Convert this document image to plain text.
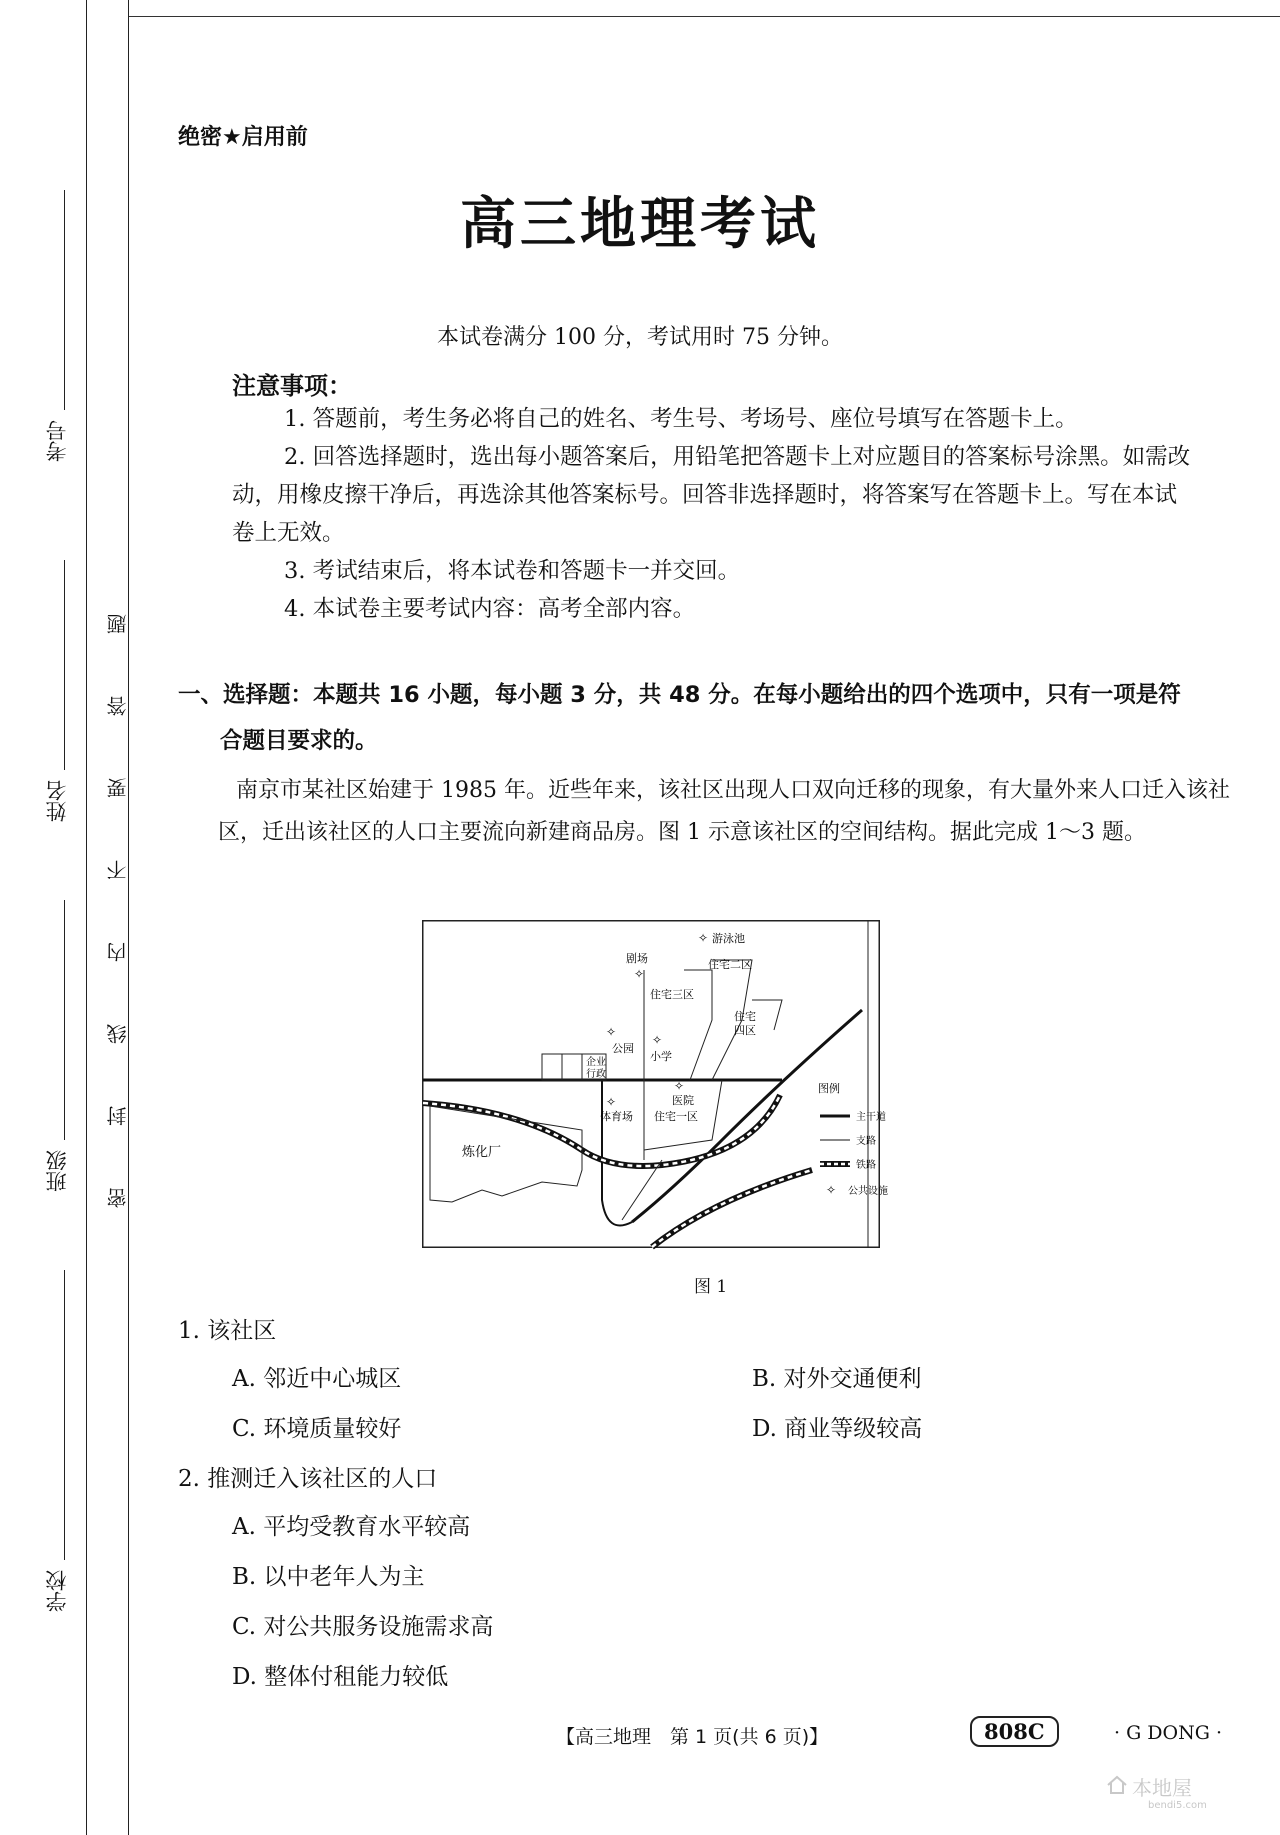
考号
姓名
班级
学校
密
封
线
内
不
要
答
题
绝密★启用前
高三地理考试
本试卷满分 100 分，考试用时 75 分钟。
注意事项：

1. 答题前，考生务必将自己的姓名、考生号、考场号、座位号填写在答题卡上。

2. 回答选择题时，选出每小题答案后，用铅笔把答题卡上对应题目的答案标号涂黑。如需改动，用橡皮擦干净后，再选涂其他答案标号。回答非选择题时，将答案写在答题卡上。写在本试卷上无效。

3. 考试结束后，将本试卷和答题卡一并交回。

4. 本试卷主要考试内容：高考全部内容。

一、选择题：本题共 16 小题，每小题 3 分，共 48 分。在每小题给出的四个选项中，只有一项是符
合题目要求的。
南京市某社区始建于 1985 年。近些年来，该社区出现人口双向迁移的现象，有大量外来人口迁入该社区，迁出该社区的人口主要流向新建商品房。图 1 示意该社区的空间结构。据此完成 1～3 题。
炼化厂
企业
行政
✧ 游泳池
剧场
✧
住宅二区
住宅三区
住宅
四区
✧
公园
✧
小学
✧
医院
✧
体育场 住宅一区
图例
主干道
支路
铁路
✧ 公共设施
图 1
1. 该社区
A. 邻近中心城区	B. 对外交通便利
C. 环境质量较好	D. 商业等级较高
2. 推测迁入该社区的人口
A. 平均受教育水平较高
B. 以中老年人为主
C. 对公共服务设施需求高
D. 整体付租能力较低
【高三地理　第 1 页(共 6 页)】	808C	· G DONG ·
本地屋
bendi5.com
